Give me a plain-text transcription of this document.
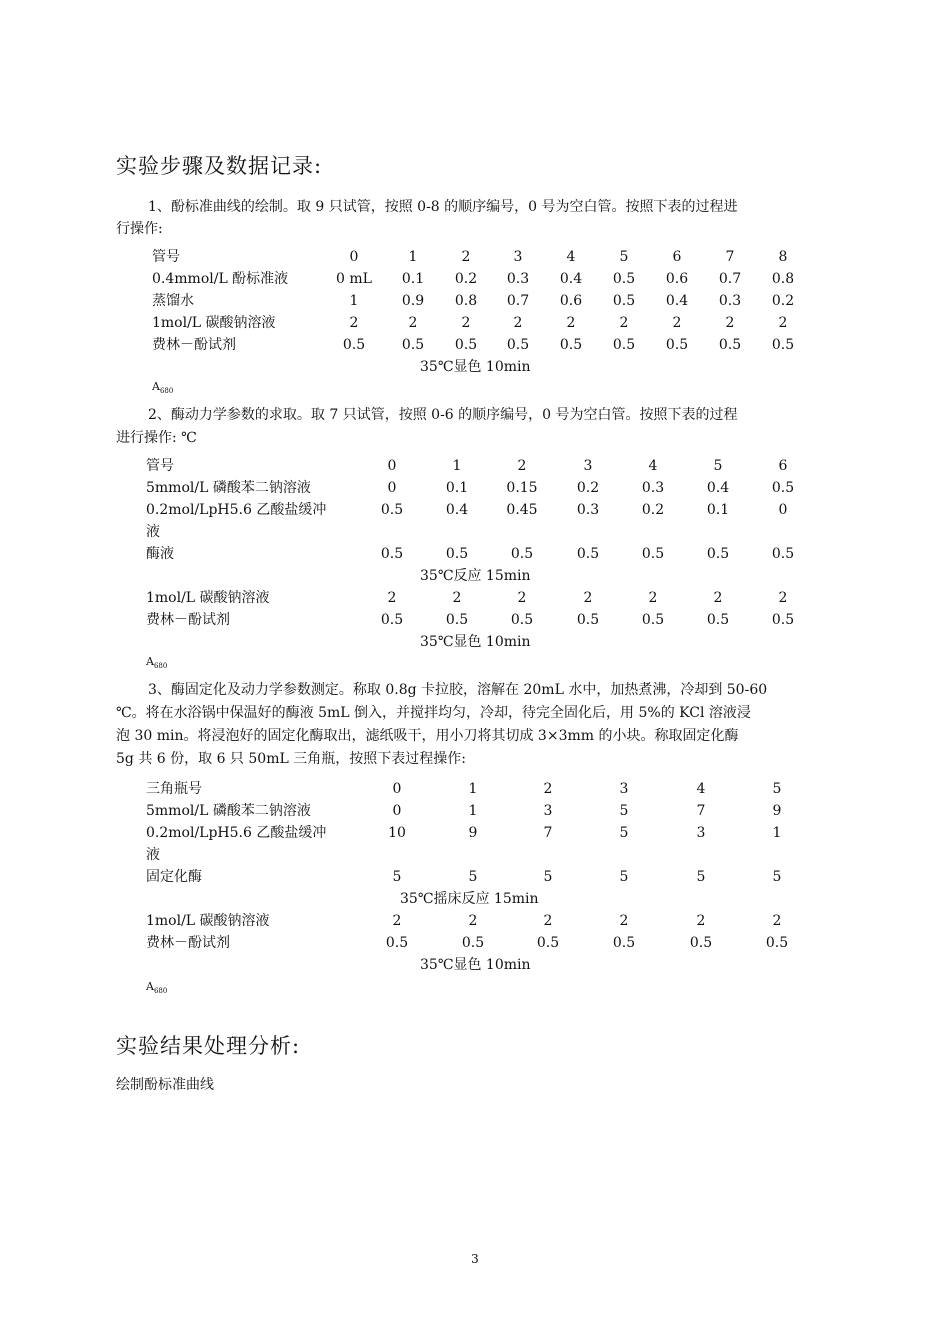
实验步骤及数据记录:
1、酚标准曲线的绘制。取 9 只试管，按照 0-8 的顺序编号，0 号为空白管。按照下表的过程进
行操作:
管号	0	1	2	3	4	5	6	7	8
0.4mmol/L 酚标准液	0 mL	0.1	0.2	0.3	0.4	0.5	0.6	0.7	0.8
蒸馏水	1	0.9	0.8	0.7	0.6	0.5	0.4	0.3	0.2
1mol/L 碳酸钠溶液	2	2	2	2	2	2	2	2	2
费林－酚试剂	0.5	0.5	0.5	0.5	0.5	0.5	0.5	0.5	0.5
35℃显色 10min
$A_{680}$
2、酶动力学参数的求取。取 7 只试管，按照 0-6 的顺序编号，0 号为空白管。按照下表的过程
进行操作: ℃
管号	0	1	2	3	4	5	6
5mmol/L 磷酸苯二钠溶液	0	0.1	0.15	0.2	0.3	0.4	0.5
0.2mol/LpH5.6 乙酸盐缓冲	0.5	0.4	0.45	0.3	0.2	0.1	0
液
酶液	0.5	0.5	0.5	0.5	0.5	0.5	0.5
35℃反应 15min
1mol/L 碳酸钠溶液	2	2	2	2	2	2	2
费林－酚试剂	0.5	0.5	0.5	0.5	0.5	0.5	0.5
35℃显色 10min
$A_{680}$
3、酶固定化及动力学参数测定。称取 0.8g 卡拉胶，溶解在 20mL 水中，加热煮沸，冷却到 50-60
℃。将在水浴锅中保温好的酶液 5mL 倒入，并搅拌均匀，冷却，待完全固化后，用 5%的 KCl 溶液浸
泡 30 min。将浸泡好的固定化酶取出，滤纸吸干，用小刀将其切成 3×3mm 的小块。称取固定化酶
5g 共 6 份，取 6 只 50mL 三角瓶，按照下表过程操作:
三角瓶号	0	1	2	3	4	5
5mmol/L 磷酸苯二钠溶液	0	1	3	5	7	9
0.2mol/LpH5.6 乙酸盐缓冲	10	9	7	5	3	1
液
固定化酶	5	5	5	5	5	5
35℃摇床反应 15min
1mol/L 碳酸钠溶液	2	2	2	2	2	2
费林－酚试剂	0.5	0.5	0.5	0.5	0.5	0.5
35℃显色 10min
$A_{680}$
实验结果处理分析:
绘制酚标准曲线
3
